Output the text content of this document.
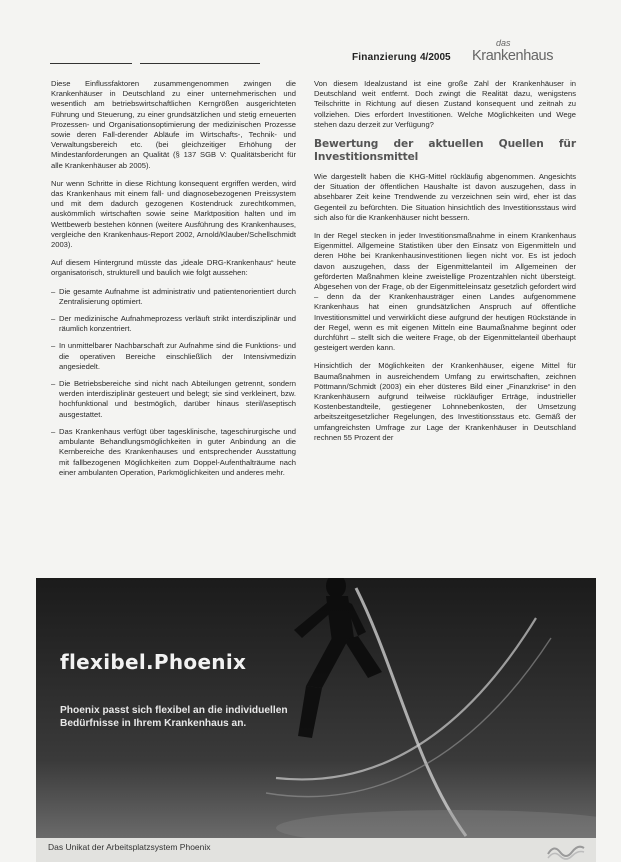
Finanzierung 4/2005
das
Krankenhaus

Diese Einflussfaktoren zusammengenommen zwingen die Krankenhäuser in Deutschland zu einer unternehmerischen und wesentlich am betriebswirtschaftlichen Kerngrößen ausgerichteten Führung und Steuerung, zu einer grundsätzlichen und stetig erneuerten Prozessen- und Organisationsoptimierung der medizinischen Prozesse sowie deren Fall-derender Abläufe im Wirtschafts-, Technik- und Verwaltungsbereich etc. (bei gleichzeitiger Erhöhung der Mindestanforderungen an Qualität (§ 137 SGB V: Qualitätsbericht für alle Krankenhäuser ab 2005).

Nur wenn Schritte in diese Richtung konsequent ergriffen werden, wird das Krankenhaus mit einem fall- und diagnosebezogenen Preissystem und mit dem dadurch gezogenen Kostendruck zurechtkommen, auskömmlich wirtschaften sowie seine Marktposition halten und im Wettbewerb bestehen können (weitere Ausführung des Krankenhauses, vergleiche den Krankenhaus-Report 2002, Arnold/Klauber/Schellschmidt 2003).

Auf diesem Hintergrund müsste das „ideale DRG-Krankenhaus“ heute organisatorisch, strukturell und baulich wie folgt aussehen:

– Die gesamte Aufnahme ist administrativ und patientenorientiert durch Zentralisierung optimiert.
– Der medizinische Aufnahmeprozess verläuft strikt interdisziplinär und räumlich konzentriert.
– In unmittelbarer Nachbarschaft zur Aufnahme sind die Funktions- und die operativen Bereiche einschließlich der Intensivmedizin angesiedelt.
– Die Betriebsbereiche sind nicht nach Abteilungen getrennt, sondern werden interdisziplinär gesteuert und belegt; sie sind verkleinert, bzw. hochfunktional und bestmöglich, darüber hinaus steril/aseptisch ausgestattet.
– Das Krankenhaus verfügt über tagesklinische, tageschirurgische und ambulante Behandlungsmöglichkeiten in guter Anbindung an die Kernbereiche des Krankenhauses und entsprechender Ausstattung mit fallbezogenen Möglichkeiten zum Doppel-Aufenthalträume nach einer ambulanten Operation, Parkmöglichkeiten und anderes mehr.

Von diesem Idealzustand ist eine große Zahl der Krankenhäuser in Deutschland weit entfernt. Doch zwingt die Realität dazu, wenigstens Teilschritte in Richtung auf diesen Zustand konsequent und zeitnah zu vollziehen. Dies erfordert Investitionen. Welche Möglichkeiten und Wege stehen dazu derzeit zur Verfügung?

Bewertung der aktuellen Quellen für Investitionsmittel

Wie dargestellt haben die KHG-Mittel rückläufig abgenommen. Angesichts der Situation der öffentlichen Haushalte ist davon auszugehen, dass in absehbarer Zeit keine Trendwende zu verzeichnen sein wird, eher ist das Gegenteil zu befürchten. Die Situation hinsichtlich des Investitionsstaus wird sich also für die Krankenhäuser nicht bessern.

In der Regel stecken in jeder Investitionsmaßnahme in einem Krankenhaus Eigenmittel. Allgemeine Statistiken über den Einsatz von Eigenmitteln und deren Höhe bei Krankenhausinvestitionen liegen nicht vor. Es ist jedoch davon auszugehen, dass der Eigenmittelanteil im Allgemeinen der geförderten Maßnahmen kleine zweistellige Prozentzahlen nicht übersteigt. Abgesehen von der Frage, ob der Eigenmitteleinsatz gesetzlich gefordert wird – denn da der Krankenhausträger einen Landes aufgenommene Krankenhaus hat einen grundsätzlichen Anspruch auf öffentliche Investitionsmittel und verwirklicht diese aufgrund der heutigen Rückstände in der Regel, wenn es mit eigenen Mitteln eine Baumaßnahme beginnt oder durchführt – stellt sich die weitere Frage, ob der Eigenmittelanteil überhaupt gesteigert werden kann.

Hinsichtlich der Möglichkeiten der Krankenhäuser, eigene Mittel für Baumaßnahmen in ausreichendem Umfang zu erwirtschaften, zeichnen Pöttmann/Schmidt (2003) ein eher düsteres Bild einer „Finanzkrise“ in den Krankenhäusern aufgrund teilweise rückläufiger Erträge, industrieller Kostenbestandteile, gestiegener Lohnnebenkosten, der Umsetzung arbeitszeitgesetzlicher Regelungen, des Investitionsstaus etc. Gemäß der umfangreichsten Umfrage zur Lage der Krankenhäuser in Deutschland rechnen 55 Prozent der

flexibel.Phoenix
Phoenix passt sich flexibel an die individuellen
Bedürfnisse in Ihrem Krankenhaus an.
Das Unikat der Arbeitsplatzsystem Phoenix
